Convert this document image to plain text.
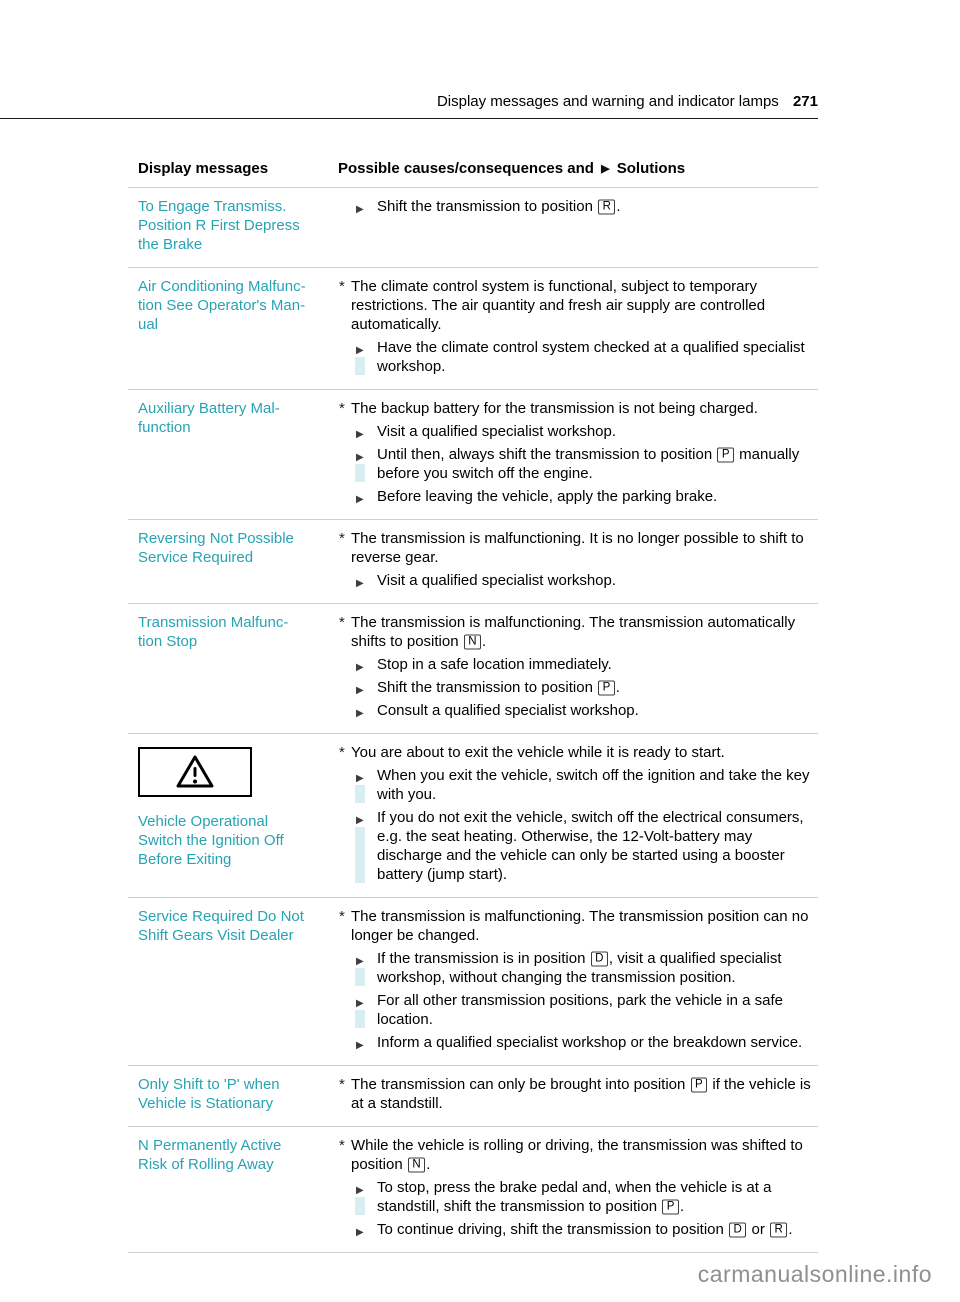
Display messages and warning and indicator lamps 271
Display messages	Possible causes/consequences and ▶ Solutions
To Engage Transmiss.
Position R First Depress
the Brake
▶ Shift the transmission to position R .
Air Conditioning Malfunc-
tion See Operator's Man-
ual
* The climate control system is functional, subject to temporary restrictions. The air quantity and fresh air supply are controlled automatically.
▶ Have the climate control system checked at a qualified specialist workshop.
Auxiliary Battery Mal-
function
* The backup battery for the transmission is not being charged.
▶ Visit a qualified specialist workshop.
▶ Until then, always shift the transmission to position P manually before you switch off the engine.
▶ Before leaving the vehicle, apply the parking brake.
Reversing Not Possible
Service Required
* The transmission is malfunctioning. It is no longer possible to shift to reverse gear.
▶ Visit a qualified specialist workshop.
Transmission Malfunc-
tion Stop
* The transmission is malfunctioning. The transmission automatically shifts to position N .
▶ Stop in a safe location immediately.
▶ Shift the transmission to position P .
▶ Consult a qualified specialist workshop.
Vehicle Operational
Switch the Ignition Off
Before Exiting
* You are about to exit the vehicle while it is ready to start.
▶ When you exit the vehicle, switch off the ignition and take the key with you.
▶ If you do not exit the vehicle, switch off the electrical consumers, e.g. the seat heating. Otherwise, the 12-Volt-battery may discharge and the vehicle can only be started using a booster battery (jump start).
Service Required Do Not
Shift Gears Visit Dealer
* The transmission is malfunctioning. The transmission position can no longer be changed.
▶ If the transmission is in position D , visit a qualified specialist workshop, without changing the transmission position.
▶ For all other transmission positions, park the vehicle in a safe location.
▶ Inform a qualified specialist workshop or the breakdown service.
Only Shift to 'P' when
Vehicle is Stationary
* The transmission can only be brought into position P if the vehicle is at a standstill.
N Permanently Active
Risk of Rolling Away
* While the vehicle is rolling or driving, the transmission was shifted to position N .
▶ To stop, press the brake pedal and, when the vehicle is at a standstill, shift the transmission to position P .
▶ To continue driving, shift the transmission to position D or R .
carmanualsonline.info
